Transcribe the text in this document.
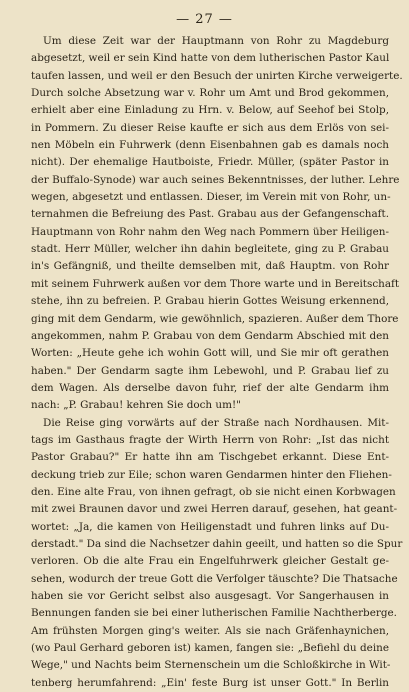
— 27 —
Um diese Zeit war der Hauptmann von Rohr zu Magdeburg
abgesetzt, weil er sein Kind hatte von dem lutherischen Pastor Kaul
taufen lassen, und weil er den Besuch der unirten Kirche verweigerte.
Durch solche Absetzung war v. Rohr um Amt und Brod gekommen,
erhielt aber eine Einladung zu Hrn. v. Below, auf Seehof bei Stolp,
in Pommern. Zu dieser Reise kaufte er sich aus dem Erlös von sei-
nen Möbeln ein Fuhrwerk (denn Eisenbahnen gab es damals noch
nicht). Der ehemalige Hautboiste, Friedr. Müller, (später Pastor in
der Buffalo-Synode) war auch seines Bekenntnisses, der luther. Lehre
wegen, abgesetzt und entlassen. Dieser, im Verein mit von Rohr, un-
ternahmen die Befreiung des Past. Grabau aus der Gefangenschaft.
Hauptmann von Rohr nahm den Weg nach Pommern über Heiligen-
stadt. Herr Müller, welcher ihn dahin begleitete, ging zu P. Grabau
in's Gefängniß, und theilte demselben mit, daß Hauptm. von Rohr
mit seinem Fuhrwerk außen vor dem Thore warte und in Bereitschaft
stehe, ihn zu befreien. P. Grabau hierin Gottes Weisung erkennend,
ging mit dem Gendarm, wie gewöhnlich, spazieren. Außer dem Thore
angekommen, nahm P. Grabau von dem Gendarm Abschied mit den
Worten: „Heute gehe ich wohin Gott will, und Sie mir oft gerathen
haben." Der Gendarm sagte ihm Lebewohl, und P. Grabau lief zu
dem Wagen. Als derselbe davon fuhr, rief der alte Gendarm ihm
nach: „P. Grabau! kehren Sie doch um!"
Die Reise ging vorwärts auf der Straße nach Nordhausen. Mit-
tags im Gasthaus fragte der Wirth Herrn von Rohr: „Ist das nicht
Pastor Grabau?" Er hatte ihn am Tischgebet erkannt. Diese Ent-
deckung trieb zur Eile; schon waren Gendarmen hinter den Fliehen-
den. Eine alte Frau, von ihnen gefragt, ob sie nicht einen Korbwagen
mit zwei Braunen davor und zwei Herren darauf, gesehen, hat geant-
wortet: „Ja, die kamen von Heiligenstadt und fuhren links auf Du-
derstadt." Da sind die Nachsetzer dahin geeilt, und hatten so die Spur
verloren. Ob die alte Frau ein Engelfuhrwerk gleicher Gestalt ge-
sehen, wodurch der treue Gott die Verfolger täuschte? Die Thatsache
haben sie vor Gericht selbst also ausgesagt. Vor Sangerhausen in
Bennungen fanden sie bei einer lutherischen Familie Nachtherberge.
Am frühsten Morgen ging's weiter. Als sie nach Gräfenhaynichen,
(wo Paul Gerhard geboren ist) kamen, fangen sie: „Befiehl du deine
Wege," und Nachts beim Sternenschein um die Schloßkirche in Wit-
tenberg herumfahrend: „Ein' feste Burg ist unser Gott." In Berlin
